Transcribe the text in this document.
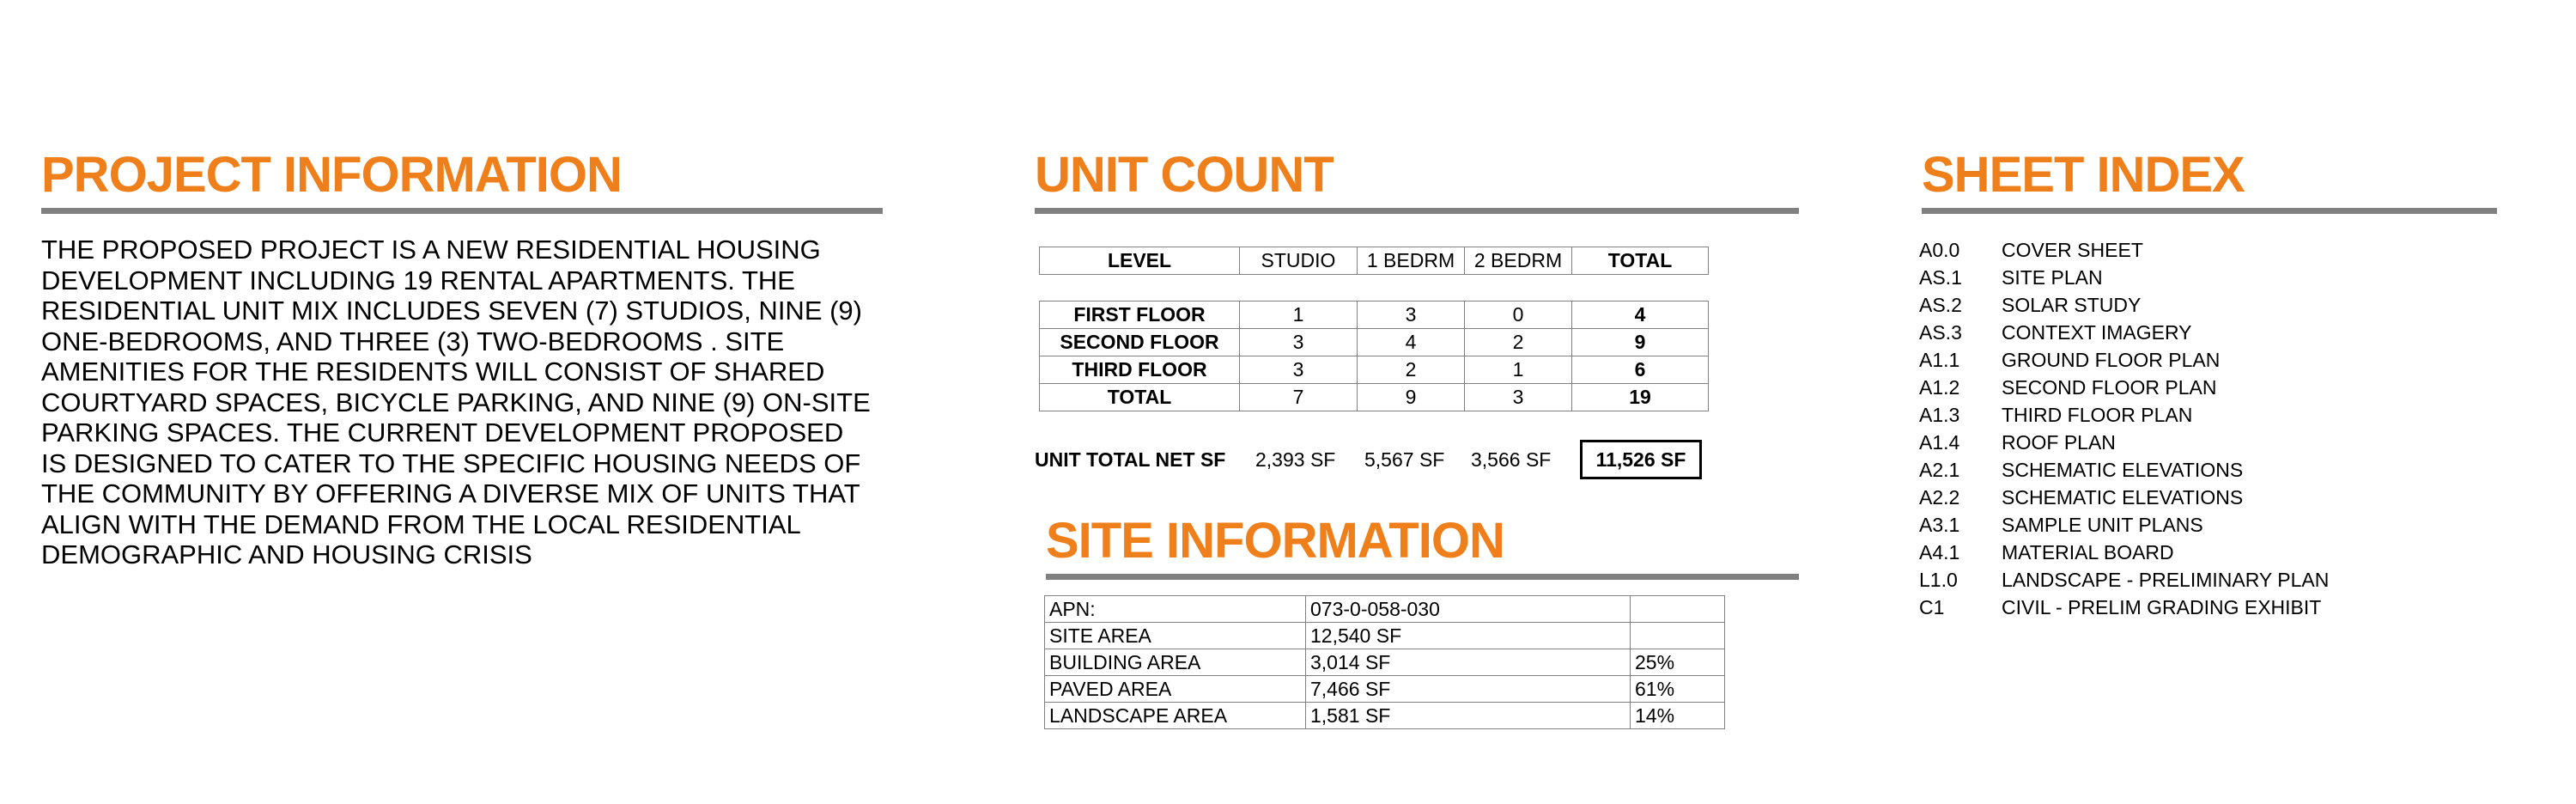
PROJECT INFORMATION

THE PROPOSED PROJECT IS A NEW RESIDENTIAL HOUSING

DEVELOPMENT INCLUDING 19 RENTAL APARTMENTS. THE

RESIDENTIAL UNIT MIX INCLUDES SEVEN (7) STUDIOS, NINE (9)

ONE-BEDROOMS, AND THREE (3) TWO-BEDROOMS . SITE

AMENITIES FOR THE RESIDENTS WILL CONSIST OF SHARED

COURTYARD SPACES, BICYCLE PARKING, AND NINE (9) ON-SITE

PARKING SPACES. THE CURRENT DEVELOPMENT PROPOSED

IS DESIGNED TO CATER TO THE SPECIFIC HOUSING NEEDS OF

THE COMMUNITY BY OFFERING A DIVERSE MIX OF UNITS THAT

ALIGN WITH THE DEMAND FROM THE LOCAL RESIDENTIAL

DEMOGRAPHIC AND HOUSING CRISIS

UNIT COUNT
LEVEL	STUDIO	1 BEDRM	2 BEDRM	TOTAL
FIRST FLOOR	1	3	0	4
SECOND FLOOR	3	4	2	9
THIRD FLOOR	3	2	1	6
TOTAL	7	9	3	19
UNIT TOTAL NET SF	2,393 SF	5,567 SF	3,566 SF	11,526 SF
SITE INFORMATION
APN:	073-0-058-030	
SITE AREA	12,540 SF	
BUILDING AREA	3,014 SF	25%
PAVED AREA	7,466 SF	61%
LANDSCAPE AREA	1,581 SF	14%
SHEET INDEX
A0.0	COVER SHEET
AS.1	SITE PLAN
AS.2	SOLAR STUDY
AS.3	CONTEXT IMAGERY
A1.1	GROUND FLOOR PLAN
A1.2	SECOND FLOOR PLAN
A1.3	THIRD FLOOR PLAN
A1.4	ROOF PLAN
A2.1	SCHEMATIC ELEVATIONS
A2.2	SCHEMATIC ELEVATIONS
A3.1	SAMPLE UNIT PLANS
A4.1	MATERIAL BOARD
L1.0	LANDSCAPE - PRELIMINARY PLAN
C1	CIVIL - PRELIM GRADING EXHIBIT
